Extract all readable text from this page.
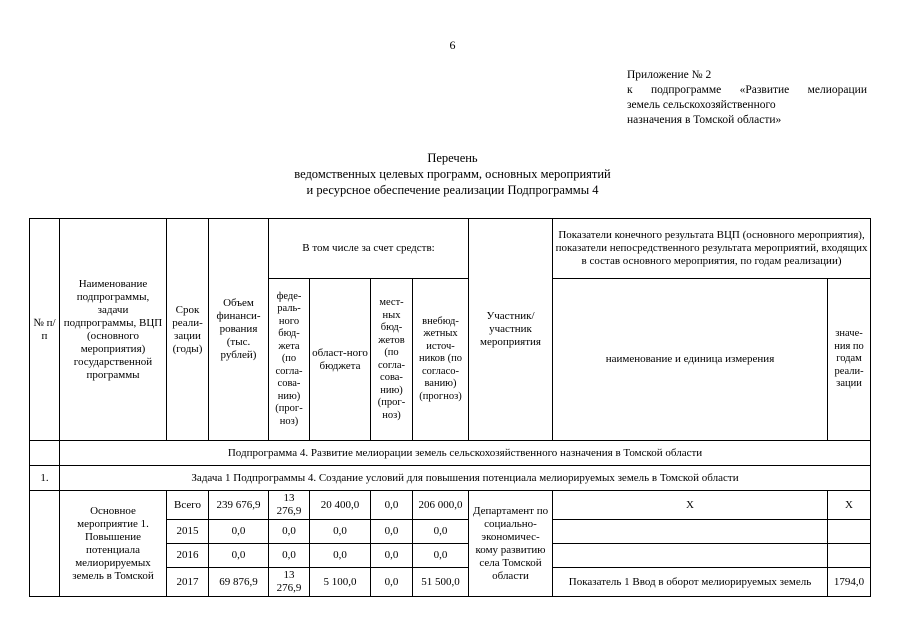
6
Приложение № 2
к подпрограмме «Развитие мелиорации
земель сельскохозяйственного
назначения в Томской области»
Перечень
ведомственных целевых программ, основных мероприятий
и ресурсное обеспечение реализации Подпрограммы 4
№ п/п	Наименование подпрограммы, задачи подпрограммы, ВЦП (основного мероприятия) государственной программы	Срок реали-зации (годы)	Объем финанси-рования (тыс. рублей)	В том числе за счет средств:				Участник/ участник мероприятия	Показатели конечного результата ВЦП (основного мероприятия), показатели непосредственного результата мероприятий, входящих в состав основного мероприятия, по годам реализации)	
				феде-раль-ного бюд-жета (по согла-сова-нию) (прог-ноз)	област-ного бюджета	мест-ных бюд-жетов (по согла-сова-нию) (прог-ноз)	внебюд-жетных источ-ников (по согласо-ванию) (прогноз)		наименование и единица измерения	значе-ния по годам реали-зации
	Подпрограмма 4. Развитие мелиорации земель сельскохозяйственного назначения в Томской области									
1.	Задача 1 Подпрограммы 4. Создание условий для повышения потенциала мелиорируемых земель в Томской области									
	Основное мероприятие 1. Повышение потенциала мелиорируемых земель в Томской	Всего	239 676,9	13 276,9	20 400,0	0,0	206 000,0	Департамент по социально-экономичес-кому развитию села Томской области	Х	Х
		2015	0,0	0,0	0,0	0,0	0,0			
		2016	0,0	0,0	0,0	0,0	0,0			
		2017	69 876,9	13 276,9	5 100,0	0,0	51 500,0		Показатель 1 Ввод в оборот мелиорируемых земель	1794,0
